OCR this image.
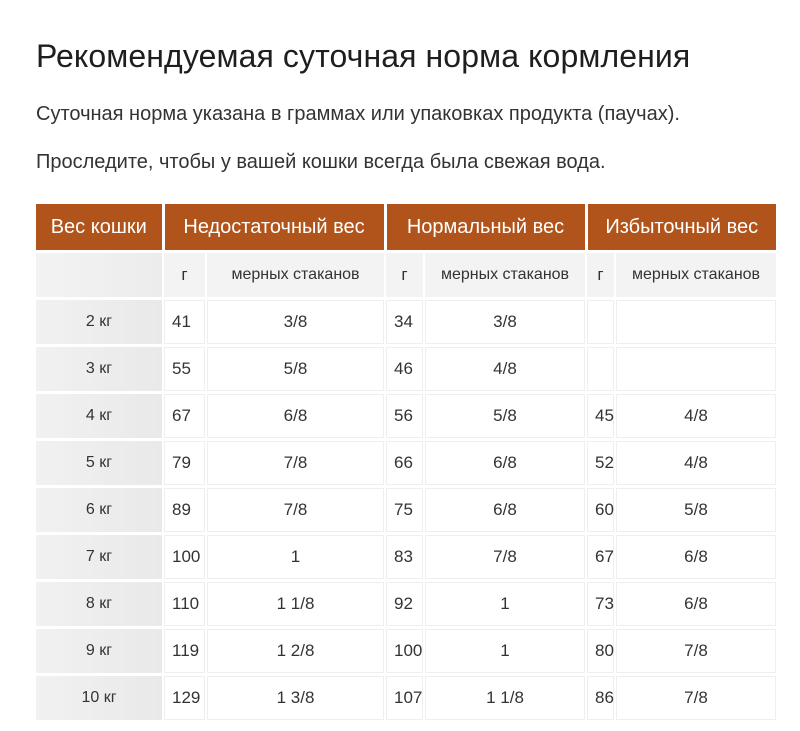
Рекомендуемая суточная норма кормления

Суточная норма указана в граммах или упаковках продукта (паучах).

Проследите, чтобы у вашей кошки всегда была свежая вода.

Вес кошки	Недостаточный вес		Нормальный вес		Избыточный вес	
	г	мерных стаканов	г	мерных стаканов	г	мерных стаканов
2 кг	41	3/8	34	3/8		
3 кг	55	5/8	46	4/8		
4 кг	67	6/8	56	5/8	45	4/8
5 кг	79	7/8	66	6/8	52	4/8
6 кг	89	7/8	75	6/8	60	5/8
7 кг	100	1	83	7/8	67	6/8
8 кг	110	1 1/8	92	1	73	6/8
9 кг	119	1 2/8	100	1	80	7/8
10 кг	129	1 3/8	107	1 1/8	86	7/8
